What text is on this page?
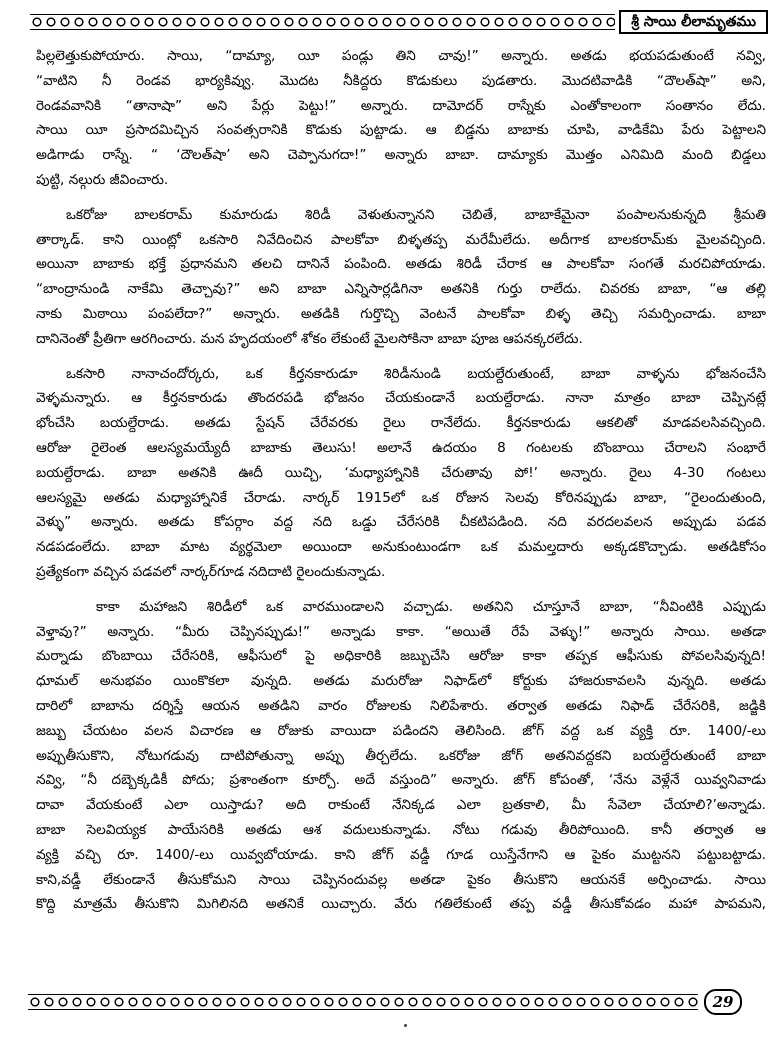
శ్రీ సాయి లీలామృతము
పిల్లలెత్తుకుపోయారు. సాయి, “దామ్యా, యీ పండ్లు తిని చావు!” అన్నారు. అతడు భయపడుతుంటే నవ్వి,
“వాటిని నీ రెండవ భార్యకివ్వు. మొదట నీకిద్దరు కొడుకులు పుడతారు. మొదటివాడికి “దౌలత్‌షా” అని,
రెండవవానికి “తానాషా” అని పేర్లు పెట్టు!” అన్నారు. దామోదర్ రాస్నేకు ఎంతోకాలంగా సంతానం లేదు.
సాయి యీ ప్రసాదమిచ్చిన సంవత్సరానికి కొడుకు పుట్టాడు. ఆ బిడ్డను బాబాకు చూపి, వాడికేమి పేరు పెట్టాలని
అడిగాడు రాస్నే. “ ‘దౌలత్‌షా’ అని చెప్పానుగదా!” అన్నారు బాబా. దామ్యాకు మొత్తం ఎనిమిది మంది బిడ్డలు
పుట్టి, నల్గురు జీవించారు.
ఒకరోజు బాలకరామ్ కుమారుడు శిరిడీ వెళుతున్నానని చెబితే, బాబాకేమైనా పంపాలనుకున్నది శ్రీమతి
తార్కాడ్. కాని యింట్లో ఒకసారి నివేదించిన పాలకోవా బిళ్ళతప్ప మరేమీలేదు. అదీగాక బాలకరామ్‌కు మైలవచ్చింది.
అయినా బాబాకు భక్తే ప్రధానమని తలచి దానినే పంపింది. అతడు శిరిడీ చేరాక ఆ పాలకోవా సంగతే మరచిపోయాడు.
“బాంద్రానుండి నాకేమి తెచ్చావు?” అని బాబా ఎన్నిసార్లడిగినా అతనికి గుర్తు రాలేదు. చివరకు బాబా, “ఆ తల్లి
నాకు మిఠాయి పంపలేదా?” అన్నారు. అతడికి గుర్తొచ్చి వెంటనే పాలకోవా బిళ్ళ తెచ్చి సమర్పించాడు. బాబా
దానినెంతో ప్రీతిగా ఆరగించారు. మన హృదయంలో శోకం లేకుంటే మైలసోకినా బాబా పూజ ఆపనక్కరలేదు.
ఒకసారి నానాచందోర్కరు, ఒక కీర్తనకారుడూ శిరిడీనుండి బయల్దేరుతుంటే, బాబా వాళ్ళను భోజనంచేసి
వెళ్ళమన్నారు. ఆ కీర్తనకారుడు తొందరపడి భోజనం చేయకుండానే బయల్దేరాడు. నానా మాత్రం బాబా చెప్పినట్లే
భోంచేసి బయల్దేరాడు. అతడు స్టేషన్ చేరేవరకు రైలు రానేలేదు. కీర్తనకారుడు ఆకలితో మాడవలసివచ్చింది.
ఆరోజు రైలెంత ఆలస్యమయ్యేదీ బాబాకు తెలుసు! అలానే ఉదయం 8 గంటలకు బొంబాయి చేరాలని సంభారే
బయల్దేరాడు. బాబా అతనికి ఊదీ యిచ్చి, ‘మధ్యాహ్నానికి చేరుతావు పో!’ అన్నారు. రైలు 4-30 గంటలు
ఆలస్యమై అతడు మధ్యాహ్నానికే చేరాడు. నార్కర్ 1915లో ఒక రోజున సెలవు కోరినప్పుడు బాబా, “రైలందుతుంది,
వెళ్ళు” అన్నారు. అతడు కోపర్గాం వద్ద నది ఒడ్డు చేరేసరికి చీకటిపడింది. నది వరదలవలన అప్పుడు పడవ
నడపడంలేదు. బాబా మాట వ్యర్థమెలా అయిందా అనుకుంటుండగా ఒక మమల్తదారు అక్కడకొచ్చాడు. అతడికోసం
ప్రత్యేకంగా వచ్చిన పడవలో నార్కర్‌గూడ నదిదాటి రైలందుకున్నాడు.
కాకా మహాజని శిరిడీలో ఒక వారముండాలని వచ్చాడు. అతనిని చూస్తూనే బాబా, “నీవింటికి ఎప్పుడు
వెళ్తావు?” అన్నారు. “మీరు చెప్పినప్పుడు!” అన్నాడు కాకా. “అయితే రేపే వెళ్ళు!” అన్నారు సాయి. అతడా
మర్నాడు బొంబాయి చేరేసరికి, ఆఫీసులో పై అధికారికి జబ్బుచేసి ఆరోజు కాకా తప్పక ఆఫీసుకు పోవలసివున్నది!
ధూమల్ అనుభవం యింకొకలా వున్నది. అతడు మరురోజు నిఫాడ్‌లో కోర్టుకు హాజరుకావలసి వున్నది. అతడు
దారిలో బాబాను దర్శిస్తే ఆయన అతడిని వారం రోజులకు నిలిపేశారు. తర్వాత అతడు నిఫాడ్ చేరేసరికి, జడ్జికి
జబ్బు చేయటం వలన విచారణ ఆ రోజుకు వాయిదా పడిందని తెలిసింది. జోగ్ వద్ద ఒక వ్యక్తి రూ. 1400/-లు
అప్పుతీసుకొని, నోటుగడువు దాటిపోతున్నా అప్పు తీర్చలేదు. ఒకరోజు జోగ్ అతనివద్దకని బయల్దేరుతుంటే బాబా
నవ్వి, “నీ దబ్బెక్కడికీ పోదు; ప్రశాంతంగా కూర్చో. అదే వస్తుంది” అన్నారు. జోగ్ కోపంతో, ‘నేను వెళ్లేనే యివ్వనివాడు
దావా వేయకుంటే ఎలా యిస్తాడు? అది రాకుంటే నేనిక్కడ ఎలా బ్రతకాలి, మీ సేవెలా చేయాలి?’అన్నాడు.
బాబా సెలవియ్యక పాయేసరికి అతడు ఆశ వదులుకున్నాడు. నోటు గడువు తీరిపోయింది. కానీ తర్వాత ఆ
వ్యక్తి వచ్చి రూ. 1400/-లు యివ్వబోయాడు. కాని జోగ్ వడ్డీ గూడ యిస్తేనేగాని ఆ పైకం ముట్టనని పట్టుబట్టాడు.
కాని,వడ్డీ లేకుండానే తీసుకోమని సాయి చెప్పినందువల్ల అతడా పైకం తీసుకొని ఆయనకే అర్పించాడు. సాయి
కొద్ది మాత్రమే తీసుకొని మిగిలినది అతనికే యిచ్చారు. వేరు గతిలేకుంటే తప్ప వడ్డీ తీసుకోవడం మహా పాపమని,
29
